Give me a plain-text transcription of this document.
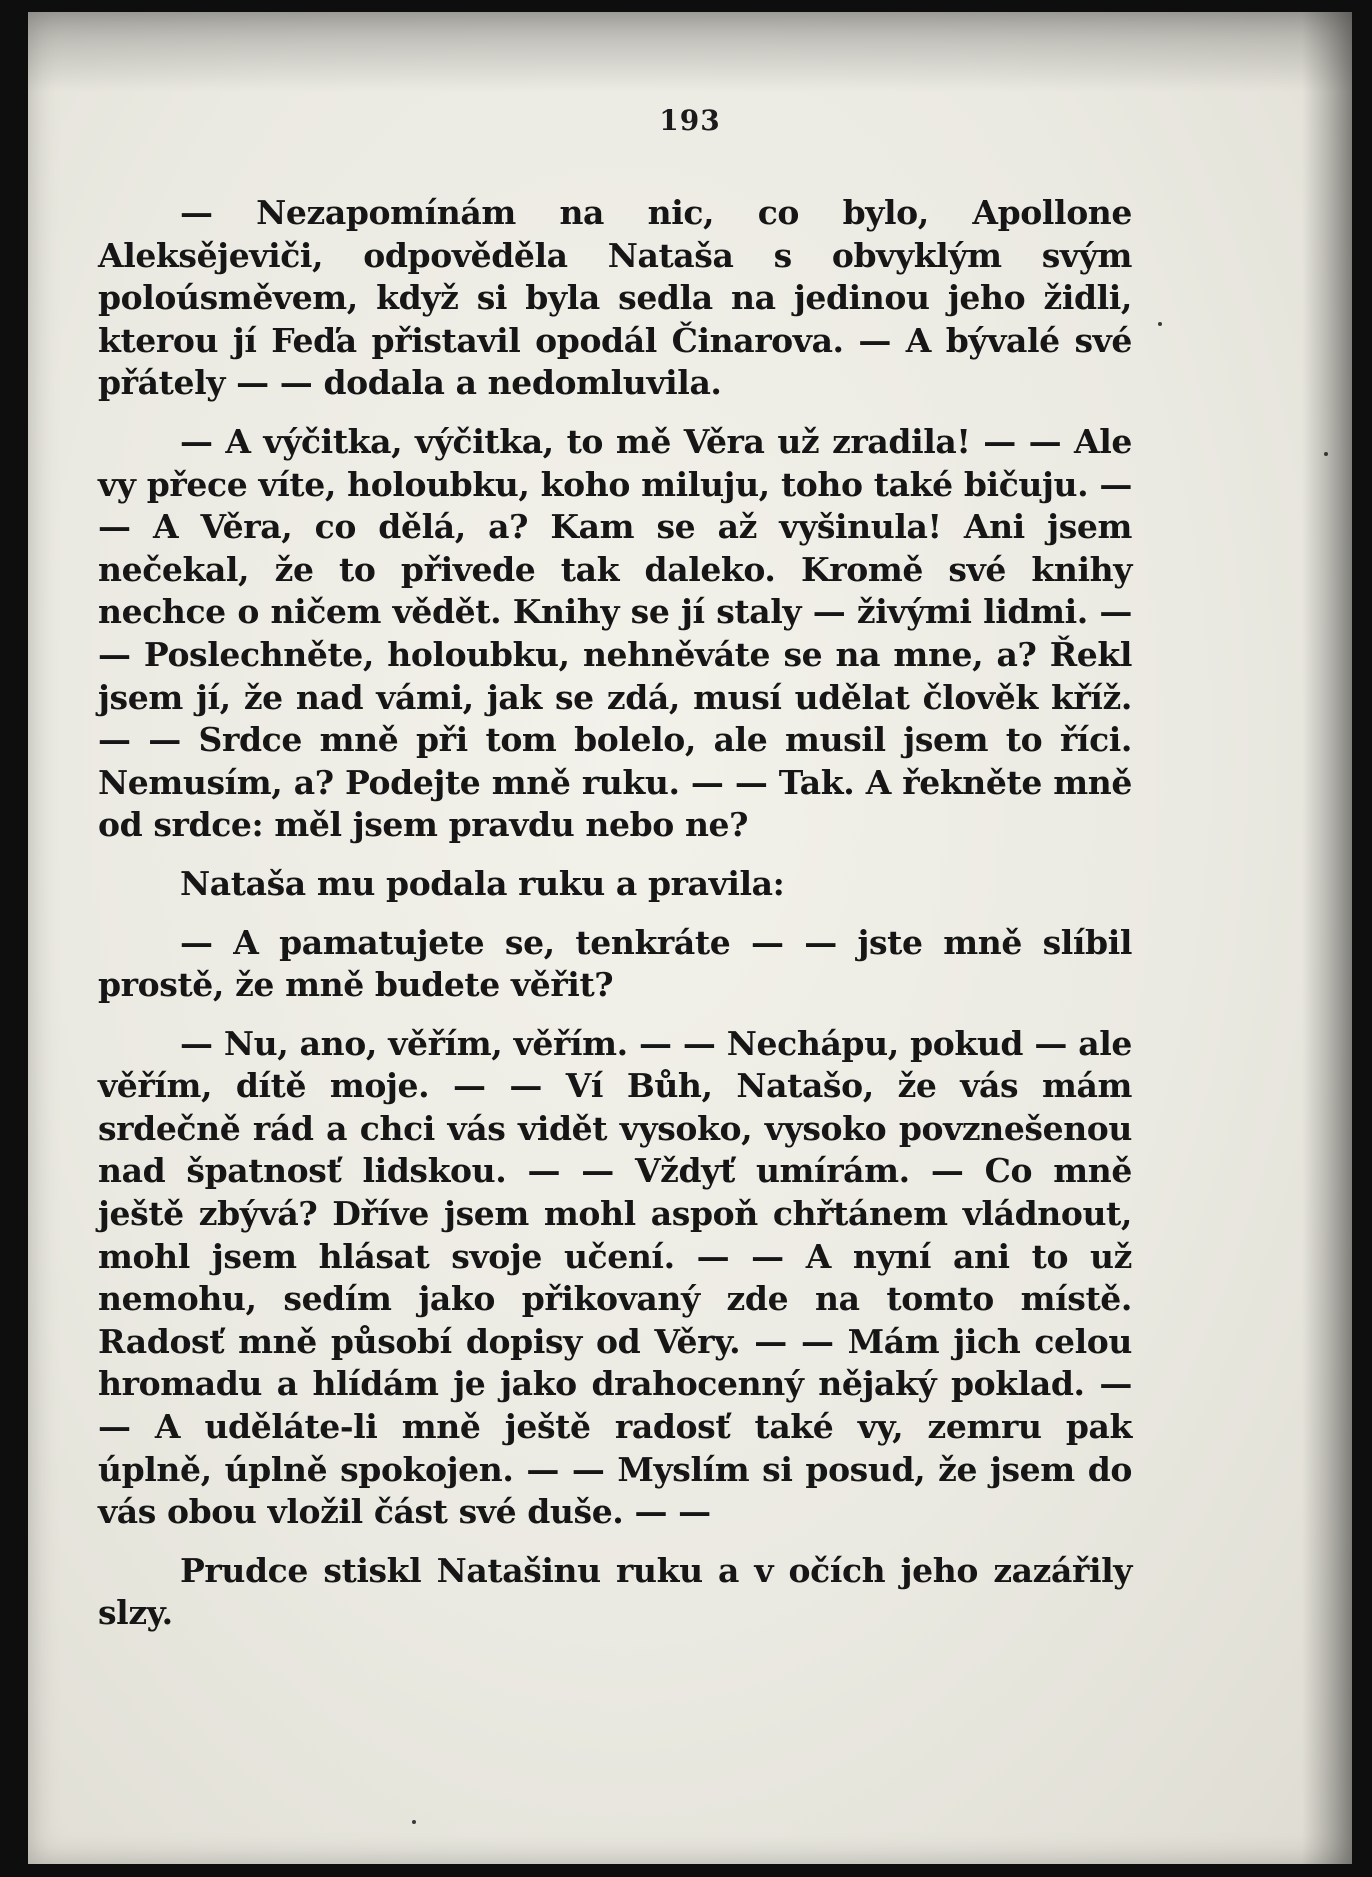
193

— Nezapomínám na nic, co bylo, Apollone Aleksějeviči, odpověděla Nataša s obvyklým svým poloúsměvem, když si byla sedla na jedinou jeho židli, kterou jí Feďa přistavil opodál Činarova. — A bývalé své přátely — — dodala a nedomluvila.

— A výčitka, výčitka, to mě Věra už zradila! — — Ale vy přece víte, holoubku, koho miluju, toho také bičuju. — — A Věra, co dělá, a? Kam se až vyšinula! Ani jsem nečekal, že to přivede tak daleko. Kromě své knihy nechce o ničem vědět. Knihy se jí staly — živými lidmi. — — Poslechněte, holoubku, nehněváte se na mne, a? Řekl jsem jí, že nad vámi, jak se zdá, musí udělat člověk kříž. — — Srdce mně při tom bolelo, ale musil jsem to říci. Nemusím, a? Podejte mně ruku. — — Tak. A řekněte mně od srdce: měl jsem pravdu nebo ne?

Nataša mu podala ruku a pravila:

— A pamatujete se, tenkráte — — jste mně slíbil prostě, že mně budete věřit?

— Nu, ano, věřím, věřím. — — Nechápu, pokud — ale věřím, dítě moje. — — Ví Bůh, Natašo, že vás mám srdečně rád a chci vás vidět vysoko, vysoko povznešenou nad špatnosť lidskou. — — Vždyť umírám. — Co mně ještě zbývá? Dříve jsem mohl aspoň chřtánem vládnout, mohl jsem hlásat svoje učení. — — A nyní ani to už nemohu, sedím jako přikovaný zde na tomto místě. Radosť mně působí dopisy od Věry. — — Mám jich celou hromadu a hlídám je jako drahocenný nějaký poklad. — — A uděláte-li mně ještě radosť také vy, zemru pak úplně, úplně spokojen. — — Myslím si posud, že jsem do vás obou vložil část své duše. — —

Prudce stiskl Natašinu ruku a v očích jeho zazářily slzy.
